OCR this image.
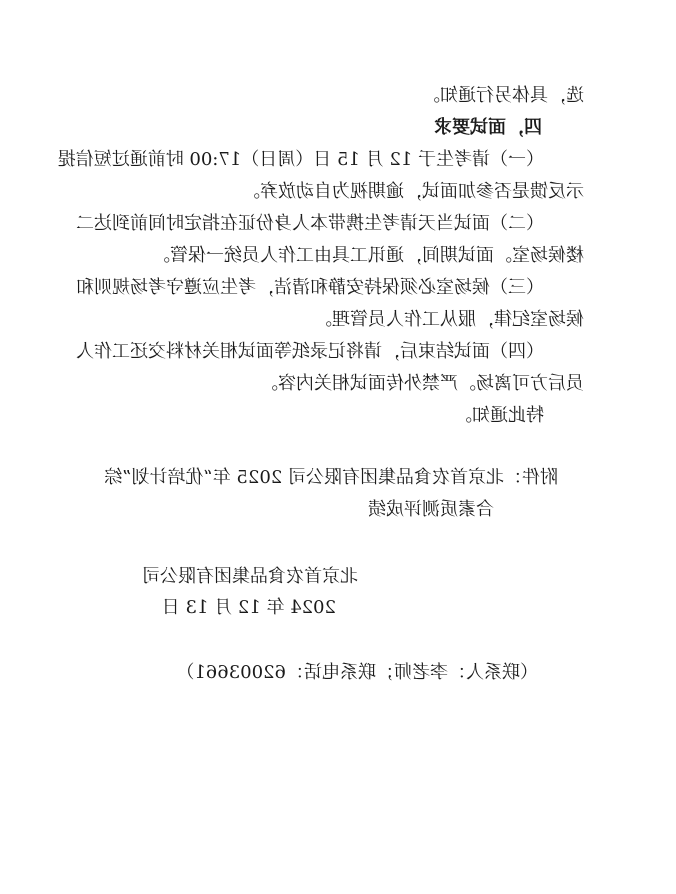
选，具体另行通知。
四，面试要求
（一）请考生于 12 月 15 日（周日）17:00 时前通过短信提
示反馈是否参加面试，逾期视为自动放弃。
（二）面试当天请考生携带本人身份证在指定时间前到达二
楼候场室。面试期间，通讯工具由工作人员统一保管。
（三）候场室必须保持安静和清洁，考生应遵守考场规则和
候场室纪律，服从工作人员管理。
（四）面试结束后，请将记录纸等面试相关材料交还工作人
员后方可离场。严禁外传面试相关内容。
特此通知。
附件：北京首农食品集团有限公司 2025 年“优培计划”综
合素质测评成绩
北京首农食品集团有限公司
2024 年 12 月 13 日
（联系人：李老师；联系电话：62003661）
